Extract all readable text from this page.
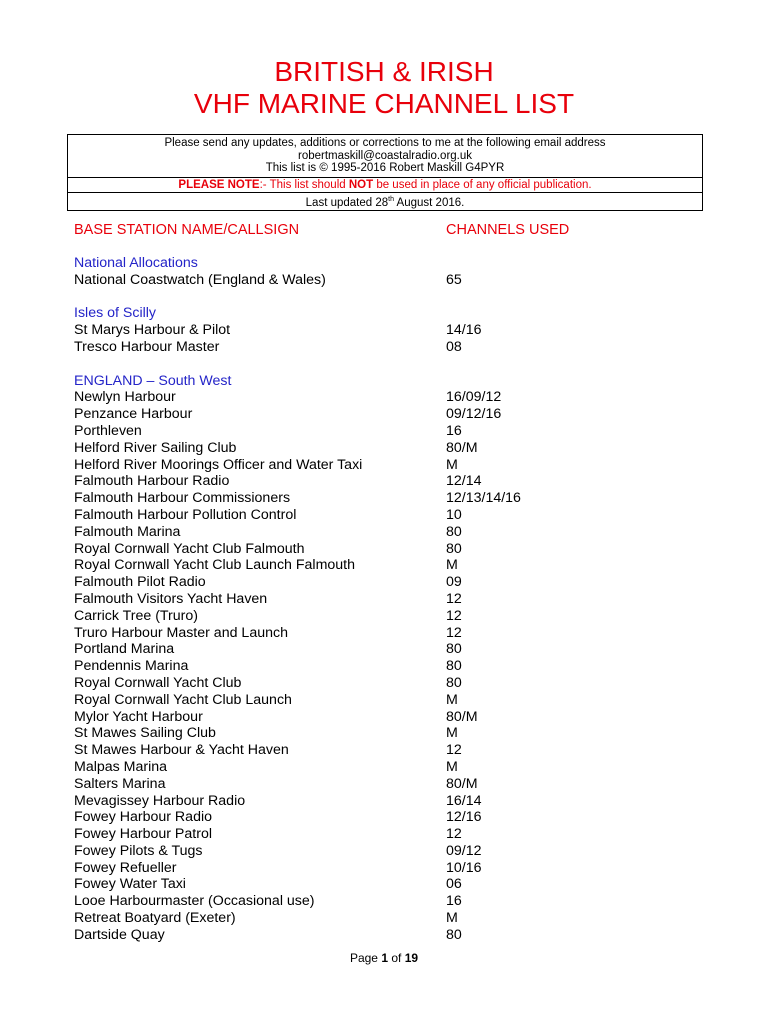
BRITISH & IRISH
VHF MARINE CHANNEL LIST
Please send any updates, additions or corrections to me at the following email address
robertmaskill@coastalradio.org.uk
This list is © 1995-2016 Robert Maskill G4PYR
PLEASE NOTE:- This list should NOT be used in place of any official publication.
Last updated 28th August 2016.
BASE STATION NAME/CALLSIGN	CHANNELS USED
National Allocations
National Coastwatch (England & Wales)	65
Isles of Scilly
St Marys Harbour & Pilot	14/16
Tresco Harbour Master	08
ENGLAND – South West
Newlyn Harbour	16/09/12
Penzance Harbour	09/12/16
Porthleven	16
Helford River Sailing Club	80/M
Helford River Moorings Officer and Water Taxi	M
Falmouth Harbour Radio	12/14
Falmouth Harbour Commissioners	12/13/14/16
Falmouth Harbour Pollution Control	10
Falmouth Marina	80
Royal Cornwall Yacht Club Falmouth	80
Royal Cornwall Yacht Club Launch Falmouth	M
Falmouth Pilot Radio	09
Falmouth Visitors Yacht Haven	12
Carrick Tree (Truro)	12
Truro Harbour Master and Launch	12
Portland Marina	80
Pendennis Marina	80
Royal Cornwall Yacht Club	80
Royal Cornwall Yacht Club Launch	M
Mylor Yacht Harbour	80/M
St Mawes Sailing Club	M
St Mawes Harbour & Yacht Haven	12
Malpas Marina	M
Salters Marina	80/M
Mevagissey Harbour Radio	16/14
Fowey Harbour Radio	12/16
Fowey Harbour Patrol	12
Fowey Pilots & Tugs	09/12
Fowey Refueller	10/16
Fowey Water Taxi	06
Looe Harbourmaster (Occasional use)	16
Retreat Boatyard (Exeter)	M
Dartside Quay	80
Page 1 of 19
